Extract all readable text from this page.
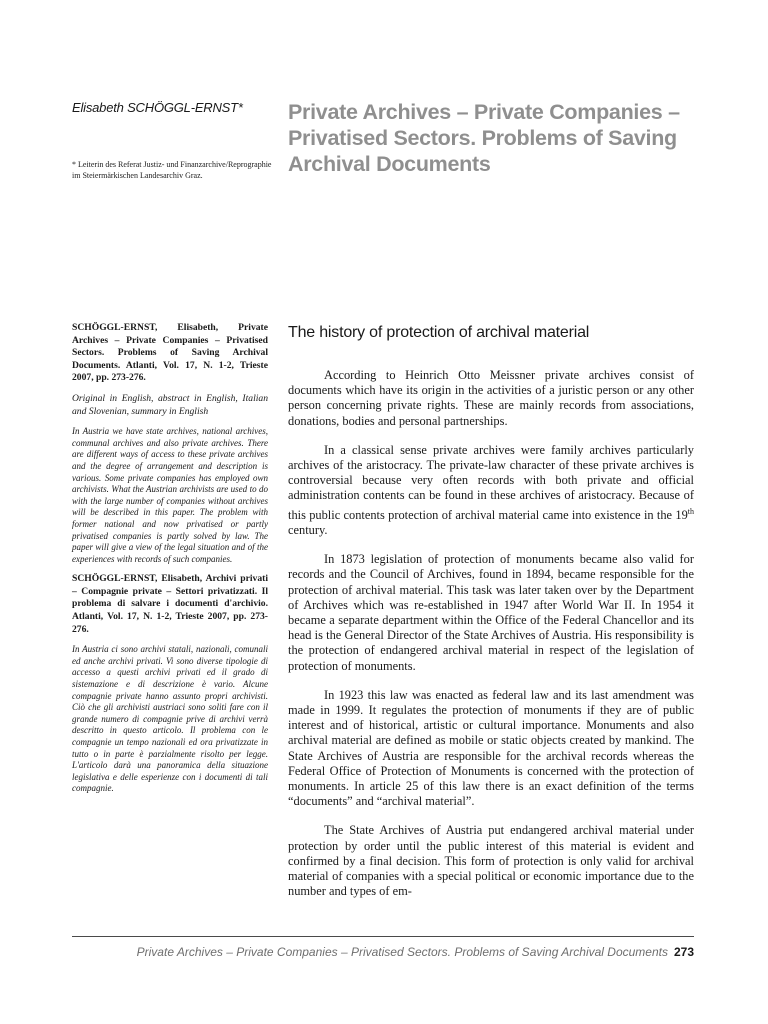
Elisabeth SCHÖGGL-ERNST*
* Leiterin des Referat Justiz- und Finanzarchive/Reprographie im Steiermärkischen Landesarchiv Graz.
Private Archives – Private Companies – Privatised Sectors. Problems of Saving Archival Documents

SCHÖGGL-ERNST, Elisabeth, Private Archives – Private Companies – Privatised Sectors. Problems of Saving Archival Documents. Atlanti, Vol. 17, N. 1-2, Trieste 2007, pp. 273-276.

Original in English, abstract in English, Italian and Slovenian, summary in English

In Austria we have state archives, national archives, communal archives and also private archives. There are different ways of access to these private archives and the degree of arrangement and description is various. Some private companies has employed own archivists. What the Austrian archivists are used to do with the large number of companies without archives will be described in this paper. The problem with former national and now privatised or partly privatised companies is partly solved by law. The paper will give a view of the legal situation and of the experiences with records of such companies.

SCHÖGGL-ERNST, Elisabeth, Archivi privati – Compagnie private – Settori privatizzati. Il problema di salvare i documenti d'archivio. Atlanti, Vol. 17, N. 1-2, Trieste 2007, pp. 273-276.

In Austria ci sono archivi statali, nazionali, comunali ed anche archivi privati. Vi sono diverse tipologie di accesso a questi archivi privati ed il grado di sistemazione e di descrizione è vario. Alcune compagnie private hanno assunto propri archivisti. Ciò che gli archivisti austriaci sono soliti fare con il grande numero di compagnie prive di archivi verrà descritto in questo articolo. Il problema con le compagnie un tempo nazionali ed ora privatizzate in tutto o in parte è parzialmente risolto per legge. L'articolo darà una panoramica della situazione legislativa e delle esperienze con i documenti di tali compagnie.

The history of protection of archival material

According to Heinrich Otto Meissner private archives consist of documents which have its origin in the activities of a juristic person or any other person concerning private rights. These are mainly records from associations, donations, bodies and personal partnerships.

In a classical sense private archives were family archives particularly archives of the aristocracy. The private-law character of these private archives is controversial because very often records with both private and official administration contents can be found in these archives of aristocracy. Because of this public contents protection of archival material came into existence in the 19th century.

In 1873 legislation of protection of monuments became also valid for records and the Council of Archives, found in 1894, became responsible for the protection of archival material. This task was later taken over by the Department of Archives which was re-established in 1947 after World War II. In 1954 it became a separate department within the Office of the Federal Chancellor and its head is the General Director of the State Archives of Austria. His responsibility is the protection of endangered archival material in respect of the legislation of protection of monuments.

In 1923 this law was enacted as federal law and its last amendment was made in 1999. It regulates the protection of monuments if they are of public interest and of historical, artistic or cultural importance. Monuments and also archival material are defined as mobile or static objects created by mankind. The State Archives of Austria are responsible for the archival records whereas the Federal Office of Protection of Monuments is concerned with the protection of monuments. In article 25 of this law there is an exact definition of the terms “documents” and “archival material”.

The State Archives of Austria put endangered archival material under protection by order until the public interest of this material is evident and confirmed by a final decision. This form of protection is only valid for archival material of companies with a special political or economic importance due to the number and types of em-

Private Archives – Private Companies – Privatised Sectors. Problems of Saving Archival Documents 273
